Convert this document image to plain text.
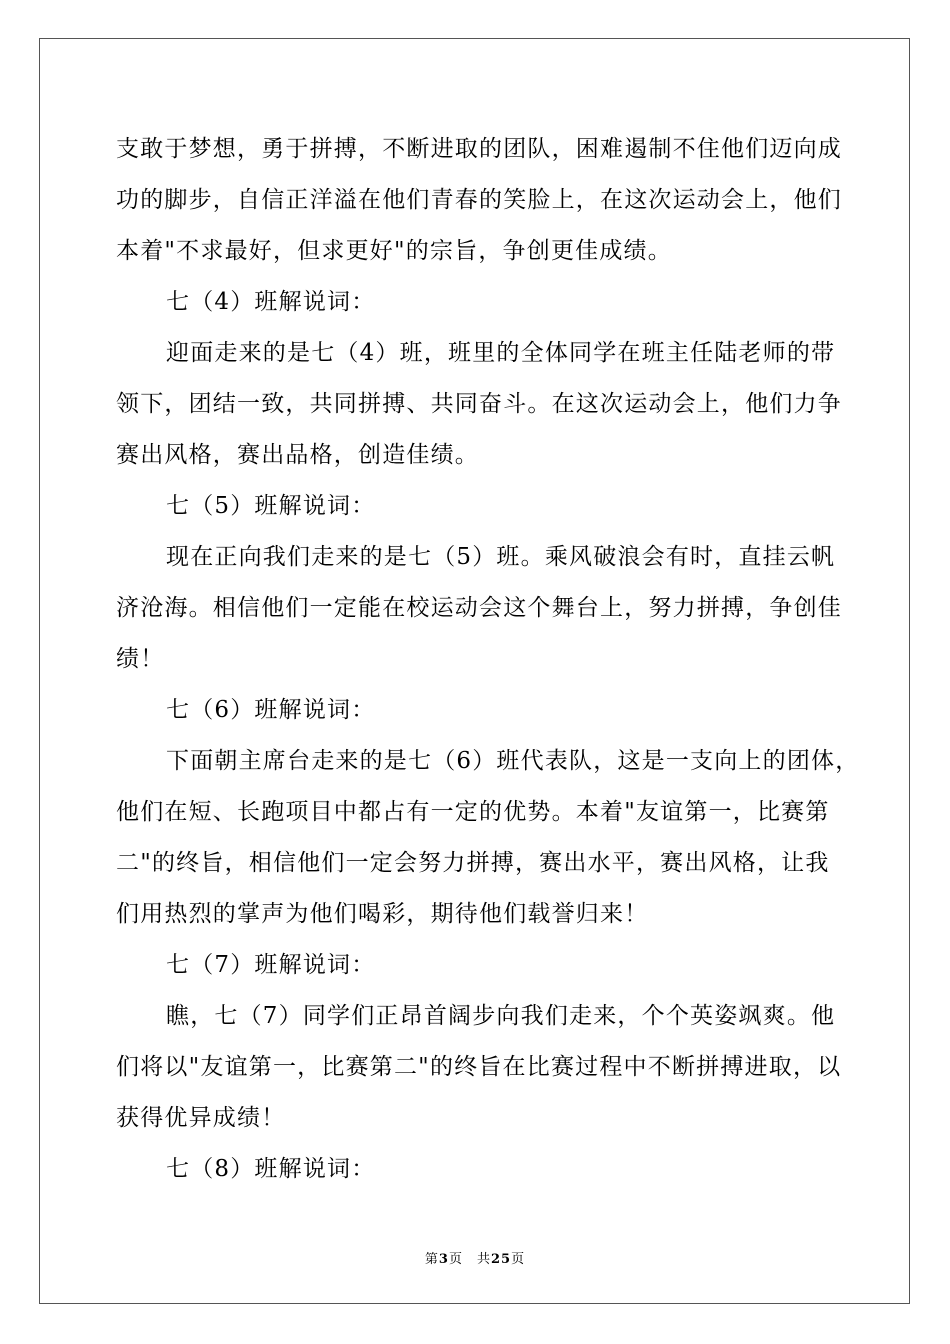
支敢于梦想，勇于拼搏，不断进取的团队，困难遏制不住他们迈向成
功的脚步，自信正洋溢在他们青春的笑脸上，在这次运动会上，他们
本着"不求最好，但求更好"的宗旨，争创更佳成绩。
七（4）班解说词：
迎面走来的是七（4）班，班里的全体同学在班主任陆老师的带
领下，团结一致，共同拼搏、共同奋斗。在这次运动会上，他们力争
赛出风格，赛出品格，创造佳绩。
七（5）班解说词：
现在正向我们走来的是七（5）班。乘风破浪会有时，直挂云帆
济沧海。相信他们一定能在校运动会这个舞台上，努力拼搏，争创佳
绩！
七（6）班解说词：
下面朝主席台走来的是七（6）班代表队，这是一支向上的团体，
他们在短、长跑项目中都占有一定的优势。本着"友谊第一，比赛第
二"的终旨，相信他们一定会努力拼搏，赛出水平，赛出风格，让我
们用热烈的掌声为他们喝彩，期待他们载誉归来！
七（7）班解说词：
瞧，七（7）同学们正昂首阔步向我们走来，个个英姿飒爽。他
们将以"友谊第一，比赛第二"的终旨在比赛过程中不断拼搏进取，以
获得优异成绩！
七（8）班解说词：
第3页　共25页
